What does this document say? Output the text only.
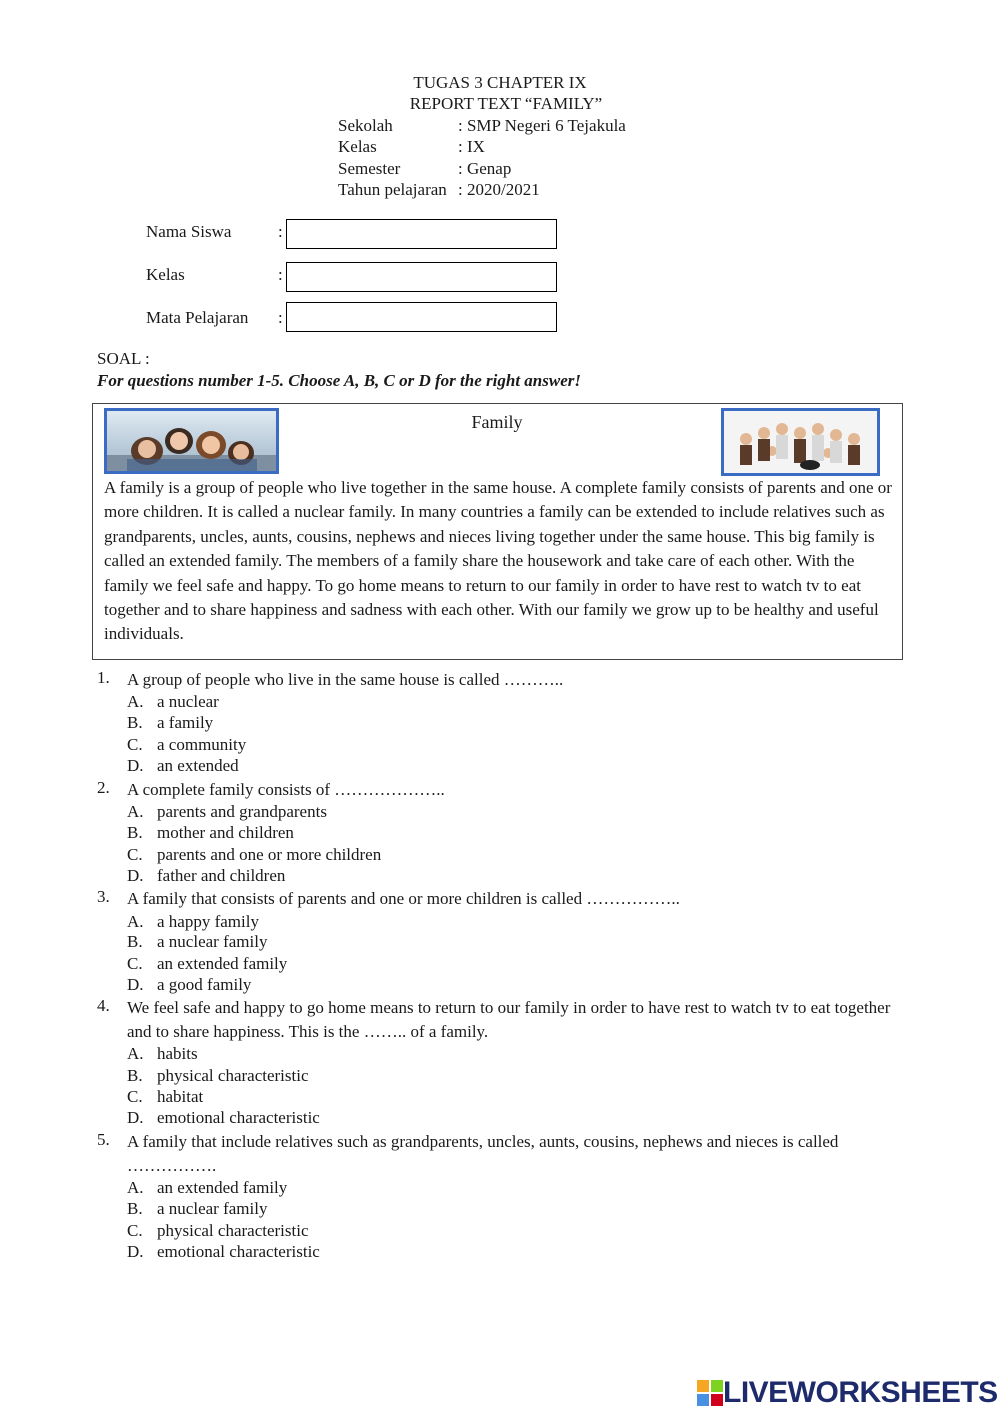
TUGAS 3 CHAPTER IX
REPORT TEXT “FAMILY”
Sekolah	: SMP Negeri 6 Tejakula
Kelas	: IX
Semester	: Genap
Tahun pelajaran : 2020/2021
Nama Siswa	:
Kelas	:
Mata Pelajaran :
SOAL :
For questions number 1-5. Choose A, B, C or D for the right answer!
Family

A family is a group of people who live together in the same house. A complete family consists of parents and one or more children. It is called a nuclear family. In many countries a family can be extended to include relatives such as grandparents, uncles, aunts, cousins, nephews and nieces living together under the same house. This big family is called an extended family. The members of a family share the housework and take care of each other. With the family we feel safe and happy. To go home means to return to our family in order to have rest to watch tv to eat together and to share happiness and sadness with each other. With our family we grow up to be healthy and useful individuals.

1. A group of people who live in the same house is called ………..
A. a nuclear
B. a family
C. a community
D. an extended
2. A complete family consists of ………………..
A. parents and grandparents
B. mother and children
C. parents and one or more children
D. father and children
3. A family that consists of parents and one or more children is called ……………..
A. a happy family
B. a nuclear family
C. an extended family
D. a good family
4. We feel safe and happy to go home means to return to our family in order to have rest to watch tv to eat together and to share happiness. This is the …….. of a family.
A. habits
B. physical characteristic
C. habitat
D. emotional characteristic
5. A family that include relatives such as grandparents, uncles, aunts, cousins, nephews and nieces is called …………….
A. an extended family
B. a nuclear family
C. physical characteristic
D. emotional characteristic
LIVEWORKSHEETS
